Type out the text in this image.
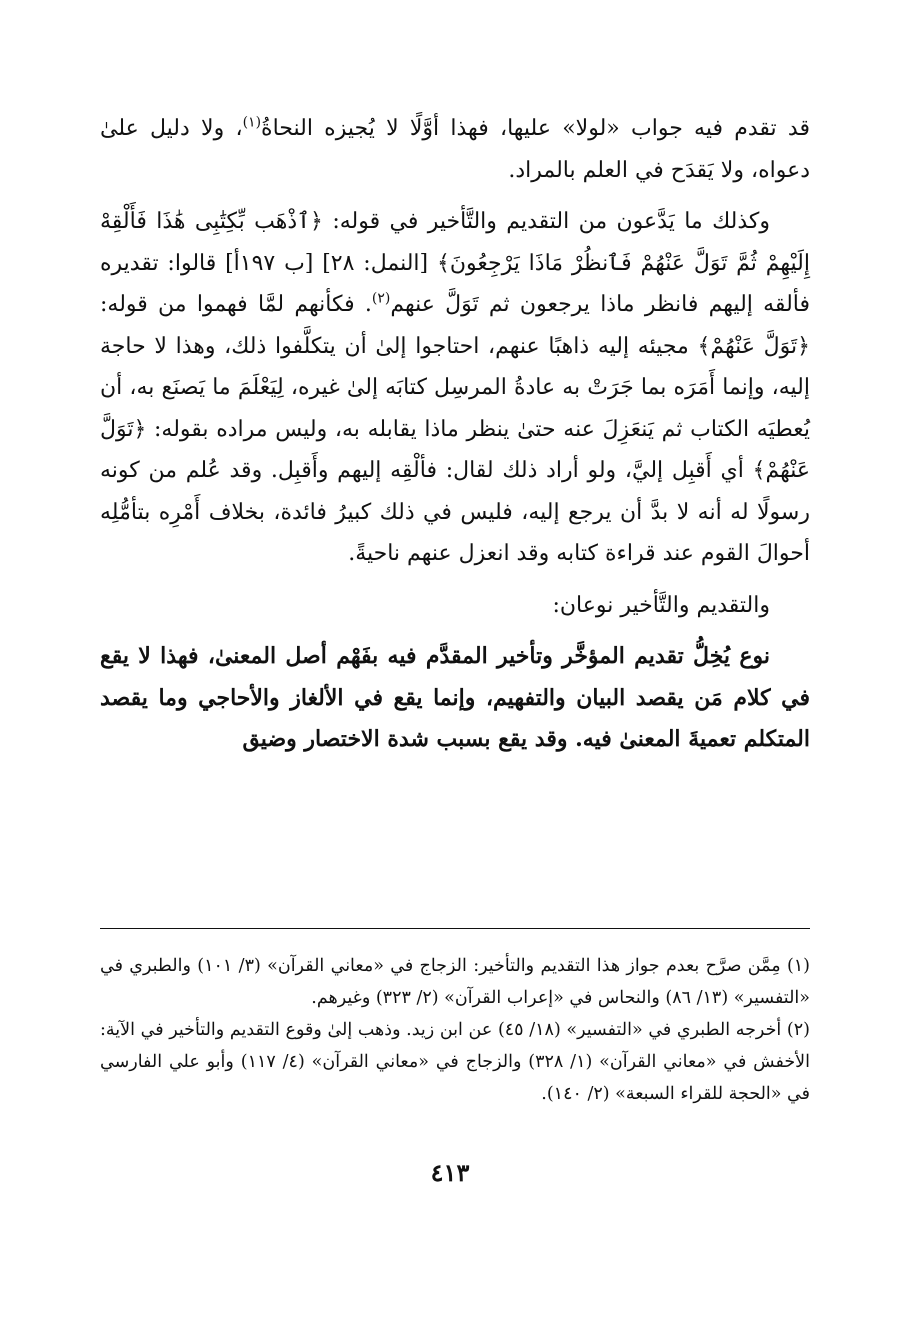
قد تقدم فيه جواب «لولا» عليها، فهذا أوَّلًا لا يُجيزه النحاةُ$^{(١)}$، ولا دليل علىٰ دعواه، ولا يَقدَح في العلم بالمراد.

وكذلك ما يَدَّعون من التقديم والتَّأخير في قوله: ﴿ٱذْهَب بِّكِتَٰبِى هَٰذَا فَأَلْقِهْ إِلَيْهِمْ ثُمَّ تَوَلَّ عَنْهُمْ فَٱنظُرْ مَاذَا يَرْجِعُونَ﴾ [النمل: ٢٨] [ب ١٩٧أ] قالوا: تقديره فألقه إليهم فانظر ماذا يرجعون ثم تَوَلَّ عنهم$^{(٢)}$. فكأنهم لمَّا فهموا من قوله: ﴿تَوَلَّ عَنْهُمْ﴾ مجيئه إليه ذاهبًا عنهم، احتاجوا إلىٰ أن يتكلَّفوا ذلك، وهذا لا حاجة إليه، وإنما أَمَرَه بما جَرَتْ به عادةُ المرسِل كتابَه إلىٰ غيره، لِيَعْلَمَ ما يَصنَع به، أن يُعطيَه الكتاب ثم يَنعَزِلَ عنه حتىٰ ينظر ماذا يقابله به، وليس مراده بقوله: ﴿تَوَلَّ عَنْهُمْ﴾ أي أَقبِل إليَّ، ولو أراد ذلك لقال: فألْقِه إليهم وأَقبِل. وقد عُلم من كونه رسولًا له أنه لا بدَّ أن يرجع إليه، فليس في ذلك كبيرُ فائدة، بخلاف أَمْرِه بتأمُّلِه أحوالَ القوم عند قراءة كتابه وقد انعزل عنهم ناحيةً.

والتقديم والتَّأخير نوعان:

نوع يُخِلُّ تقديم المؤخَّر وتأخير المقدَّم فيه بفَهْم أصل المعنىٰ، فهذا لا يقع في كلام مَن يقصد البيان والتفهيم، وإنما يقع في الألغاز والأحاجي وما يقصد المتكلم تعميةَ المعنىٰ فيه. وقد يقع بسبب شدة الاختصار وضيق

(١) مِمَّن صرَّح بعدم جواز هذا التقديم والتأخير: الزجاج في «معاني القرآن» (٣/ ١٠١) والطبري في «التفسير» (١٣/ ٨٦) والنحاس في «إعراب القرآن» (٢/ ٣٢٣) وغيرهم.

(٢) أخرجه الطبري في «التفسير» (١٨/ ٤٥) عن ابن زيد. وذهب إلىٰ وقوع التقديم والتأخير في الآية: الأخفش في «معاني القرآن» (١/ ٣٢٨) والزجاج في «معاني القرآن» (٤/ ١١٧) وأبو علي الفارسي في «الحجة للقراء السبعة» (٢/ ١٤٠).

٤١٣
